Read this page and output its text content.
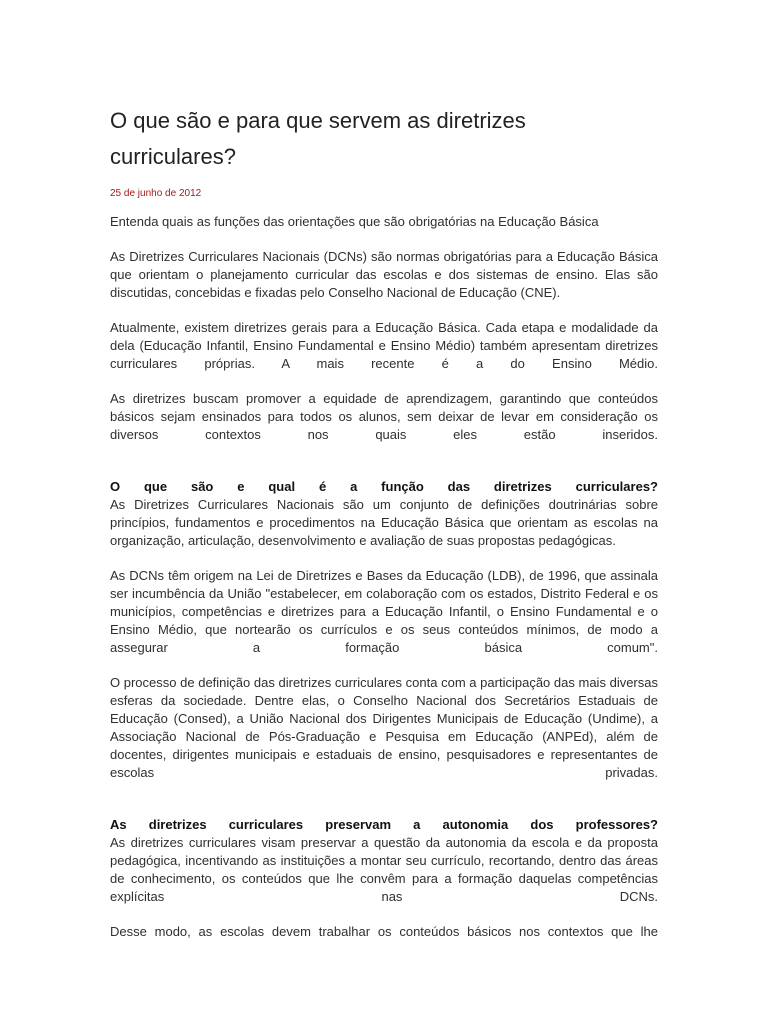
O que são e para que servem as diretrizes curriculares?
25 de junho de 2012

Entenda quais as funções das orientações que são obrigatórias na Educação Básica

As Diretrizes Curriculares Nacionais (DCNs) são normas obrigatórias para a Educação Básica que orientam o planejamento curricular das escolas e dos sistemas de ensino. Elas são discutidas, concebidas e fixadas pelo Conselho Nacional de Educação (CNE).

Atualmente, existem diretrizes gerais para a Educação Básica. Cada etapa e modalidade da dela (Educação Infantil, Ensino Fundamental e Ensino Médio) também apresentam diretrizes curriculares próprias. A mais recente é a do Ensino Médio.

As diretrizes buscam promover a equidade de aprendizagem, garantindo que conteúdos básicos sejam ensinados para todos os alunos, sem deixar de levar em consideração os diversos contextos nos quais eles estão inseridos.

O que são e qual é a função das diretrizes curriculares?

As Diretrizes Curriculares Nacionais são um conjunto de definições doutrinárias sobre princípios, fundamentos e procedimentos na Educação Básica que orientam as escolas na organização, articulação, desenvolvimento e avaliação de suas propostas pedagógicas.

As DCNs têm origem na Lei de Diretrizes e Bases da Educação (LDB), de 1996, que assinala ser incumbência da União "estabelecer, em colaboração com os estados, Distrito Federal e os municípios, competências e diretrizes para a Educação Infantil, o Ensino Fundamental e o Ensino Médio, que nortearão os currículos e os seus conteúdos mínimos, de modo a assegurar a formação básica comum".

O processo de definição das diretrizes curriculares conta com a participação das mais diversas esferas da sociedade. Dentre elas, o Conselho Nacional dos Secretários Estaduais de Educação (Consed), a União Nacional dos Dirigentes Municipais de Educação (Undime), a Associação Nacional de Pós-Graduação e Pesquisa em Educação (ANPEd), além de docentes, dirigentes municipais e estaduais de ensino, pesquisadores e representantes de escolas privadas.

As diretrizes curriculares preservam a autonomia dos professores?

As diretrizes curriculares visam preservar a questão da autonomia da escola e da proposta pedagógica, incentivando as instituições a montar seu currículo, recortando, dentro das áreas de conhecimento, os conteúdos que lhe convêm para a formação daquelas competências explícitas nas DCNs.

Desse modo, as escolas devem trabalhar os conteúdos básicos nos contextos que lhe
